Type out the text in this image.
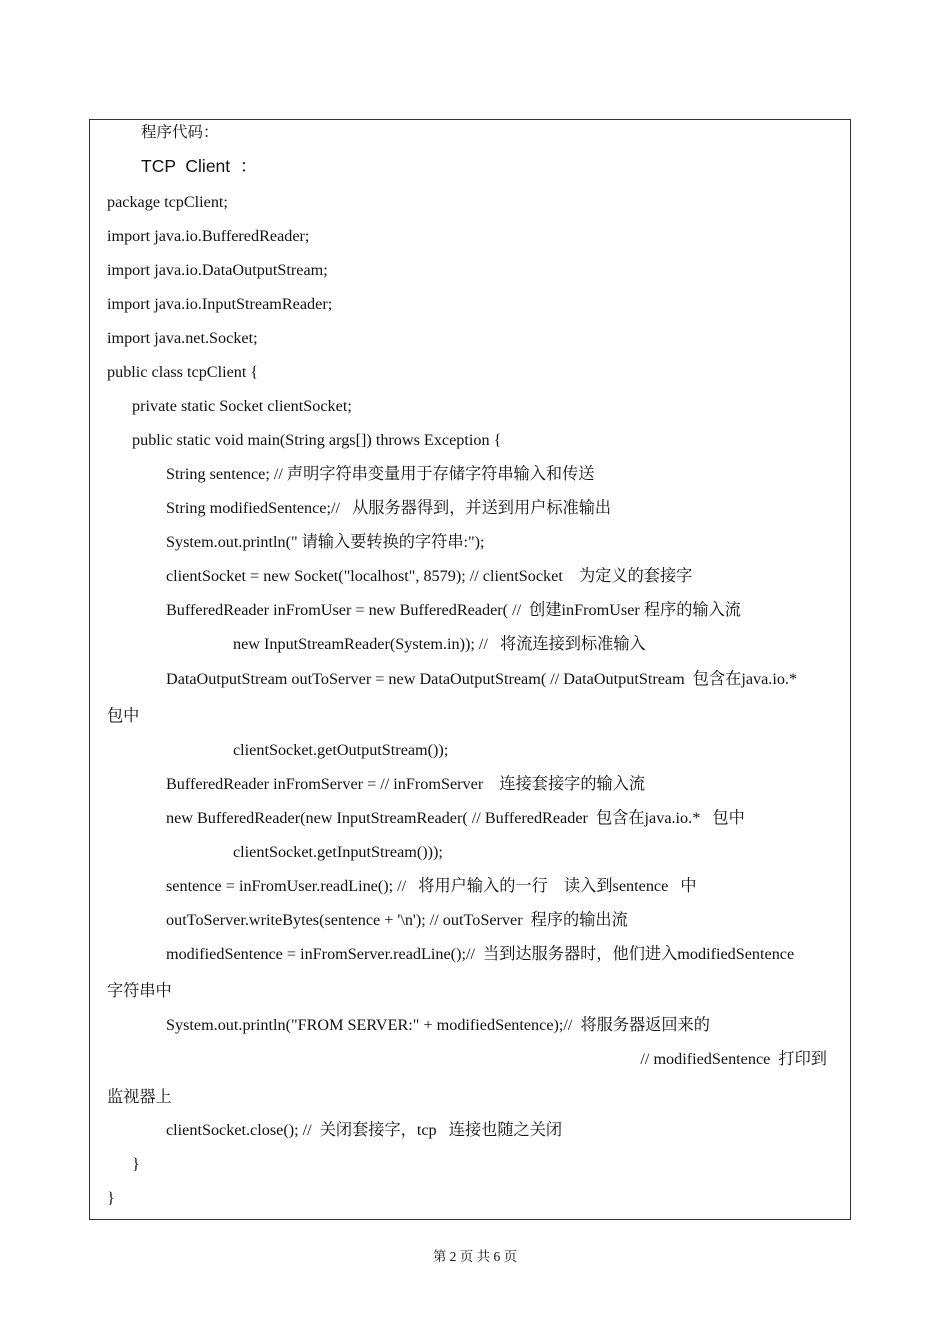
程序代码：
TCP  Client  ：
package tcpClient;
import java.io.BufferedReader;
import java.io.DataOutputStream;
import java.io.InputStreamReader;
import java.net.Socket;
public class tcpClient {
private static Socket clientSocket;
public static void main(String args[]) throws Exception {
String sentence; // 声明字符串变量用于存储字符串输入和传送
String modifiedSentence;//   从服务器得到，并送到用户标准输出
System.out.println(" 请输入要转换的字符串:");
clientSocket = new Socket("localhost", 8579); // clientSocket    为定义的套接字
BufferedReader inFromUser = new BufferedReader( //  创建inFromUser 程序的输入流
new InputStreamReader(System.in)); //   将流连接到标准输入
DataOutputStream outToServer = new DataOutputStream( // DataOutputStream  包含在java.io.*
包中
clientSocket.getOutputStream());
BufferedReader inFromServer = // inFromServer    连接套接字的输入流
new BufferedReader(new InputStreamReader( // BufferedReader  包含在java.io.*   包中
clientSocket.getInputStream()));
sentence = inFromUser.readLine(); //   将用户输入的一行    读入到sentence   中
outToServer.writeBytes(sentence + '\n'); // outToServer  程序的输出流
modifiedSentence = inFromServer.readLine();//  当到达服务器时，他们进入modifiedSentence
字符串中
System.out.println("FROM SERVER:" + modifiedSentence);//  将服务器返回来的
// modifiedSentence  打印到
监视器上
clientSocket.close(); //  关闭套接字，tcp   连接也随之关闭
}
}
第 2 页 共 6 页
